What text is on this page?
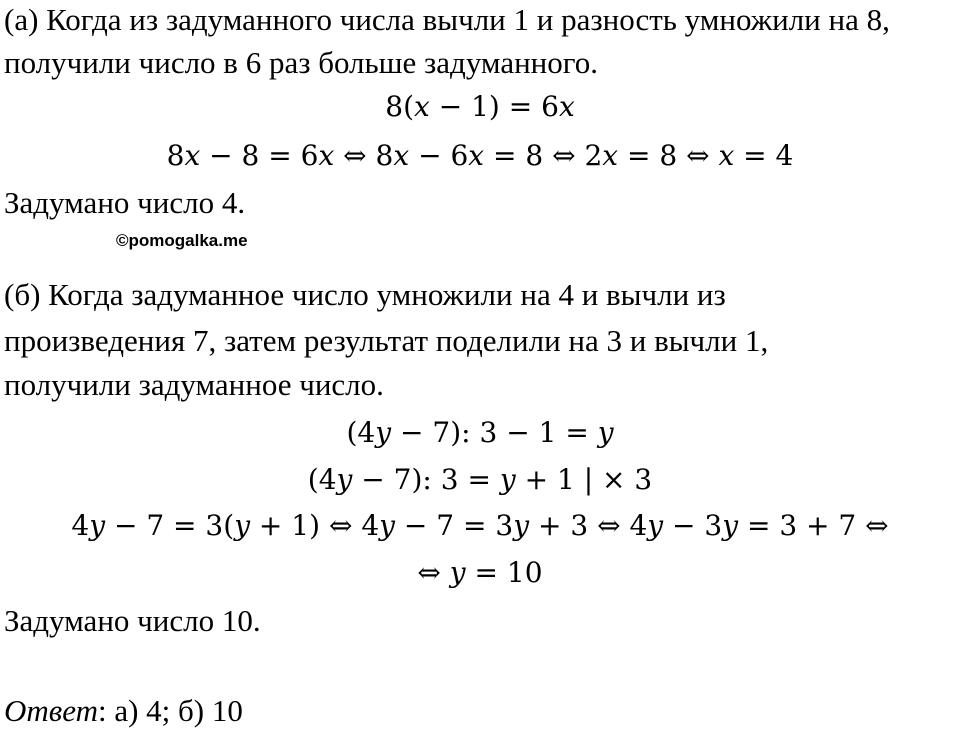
(а) Когда из задуманного числа вычли 1 и разность умножили на 8,
получили число в 6 раз больше задуманного.
8(x − 1) = 6x
8x − 8 = 6x ⇔ 8x − 6x = 8 ⇔ 2x = 8 ⇔ x = 4
Задумано число 4.
©pomogalka.me
(б) Когда задуманное число умножили на 4 и вычли из
произведения 7, затем результат поделили на 3 и вычли 1,
получили задуманное число.
(4y − 7): 3 − 1 = y
(4y − 7): 3 = y + 1 | × 3
4y − 7 = 3(y + 1) ⇔ 4y − 7 = 3y + 3 ⇔ 4y − 3y = 3 + 7 ⇔
⇔ y = 10
Задумано число 10.
Ответ: а) 4; б) 10
